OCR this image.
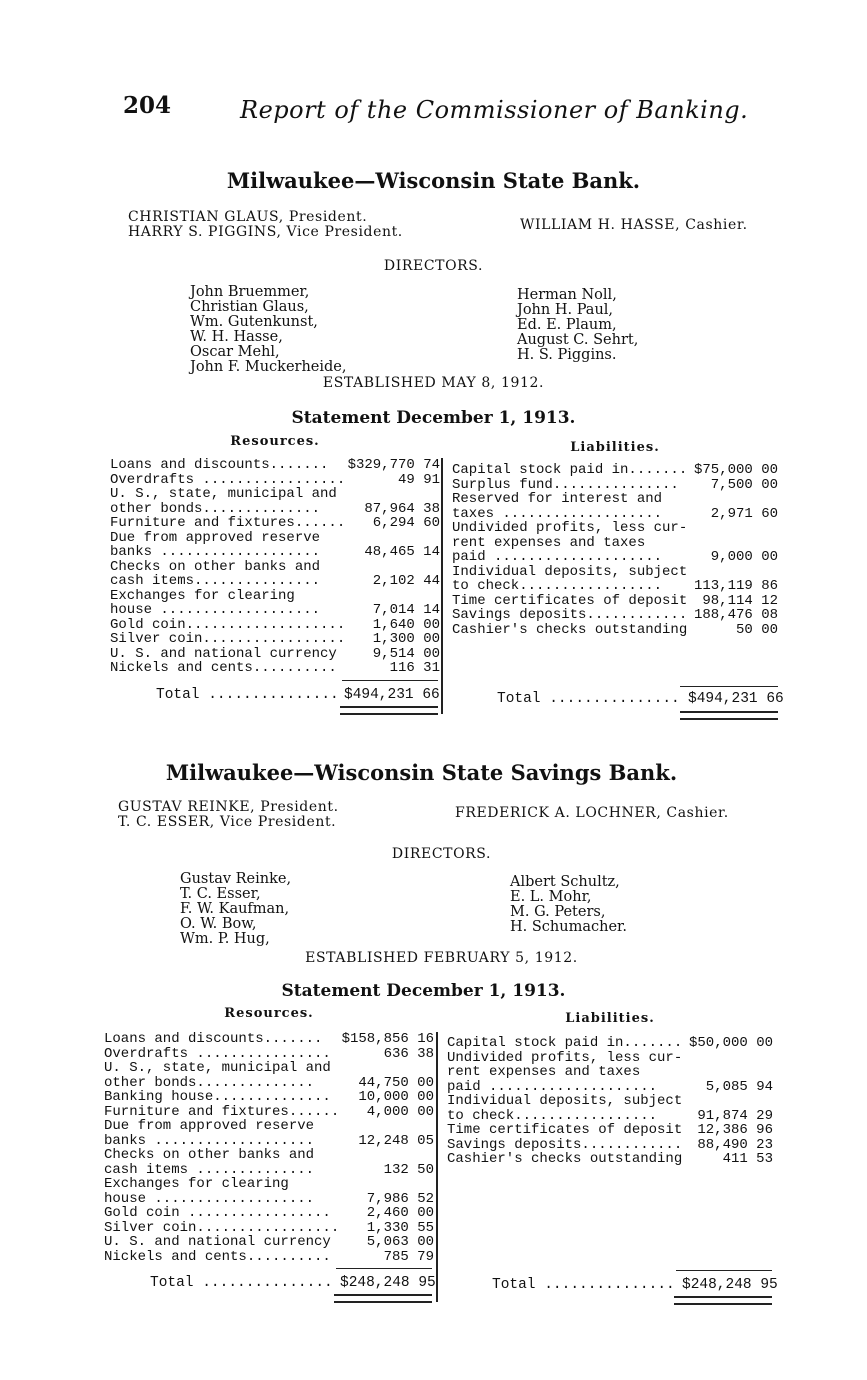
204	Report of the Commissioner of Banking.
Milwaukee—Wisconsin State Bank.
CHRISTIAN GLAUS, President.
HARRY S. PIGGINS, Vice President.	WILLIAM H. HASSE, Cashier.
DIRECTORS.
John Bruemmer,
Christian Glaus,
Wm. Gutenkunst,
W. H. Hasse,
Oscar Mehl,
John F. Muckerheide,
Herman Noll,
John H. Paul,
Ed. E. Plaum,
August C. Sehrt,
H. S. Piggins.
ESTABLISHED MAY 8, 1912.
Statement December 1, 1913.
Resources.	Liabilities.
Loans and discounts....... $329,770 74
Overdrafts .................	49 91
U. S., state, municipal and
other bonds..............	87,964 38
Furniture and fixtures......	6,294 60
Due from approved reserve
banks ...................	48,465 14
Checks on other banks and
cash items...............	2,102 44
Exchanges for clearing
house ...................	7,014 14
Gold coin...................	1,640 00
Silver coin.................	1,300 00
U. S. and national currency	9,514 00
Nickels and cents..........	116 31
Capital stock paid in....... $75,000 00
Surplus fund...............	7,500 00
Reserved for interest and
taxes ...................	2,971 60
Undivided profits, less cur-
rent expenses and taxes
paid ....................	9,000 00
Individual deposits, subject
to check................. 113,119 86
Time certificates of deposit	98,114 12
Savings deposits............ 188,476 08
Cashier's checks outstanding	50 00
Total ............... $494,231 66	Total ............... $494,231 66
Milwaukee—Wisconsin State Savings Bank.
GUSTAV REINKE, President.
T. C. ESSER, Vice President.
FREDERICK A. LOCHNER, Cashier.
DIRECTORS.
Gustav Reinke,
T. C. Esser,
F. W. Kaufman,
O. W. Bow,
Wm. P. Hug,
Albert Schultz,
E. L. Mohr,
M. G. Peters,
H. Schumacher.
ESTABLISHED FEBRUARY 5, 1912.
Statement December 1, 1913.
Resources.	Liabilities.
Loans and discounts....... $158,856 16
Overdrafts ................	636 38
U. S., state, municipal and
other bonds..............	44,750 00
Banking house..............	10,000 00
Furniture and fixtures......	4,000 00
Due from approved reserve
banks ...................	12,248 05
Checks on other banks and
cash items ..............	132 50
Exchanges for clearing
house ...................	7,986 52
Gold coin .................	2,460 00
Silver coin.................	1,330 55
U. S. and national currency	5,063 00
Nickels and cents..........	785 79
Capital stock paid in....... $50,000 00
Undivided profits, less cur-
rent expenses and taxes
paid ....................	5,085 94
Individual deposits, subject
to check.................	91,874 29
Time certificates of deposit	12,386 96
Savings deposits............	88,490 23
Cashier's checks outstanding	411 53
Total ............... $248,248 95	Total ............... $248,248 95
